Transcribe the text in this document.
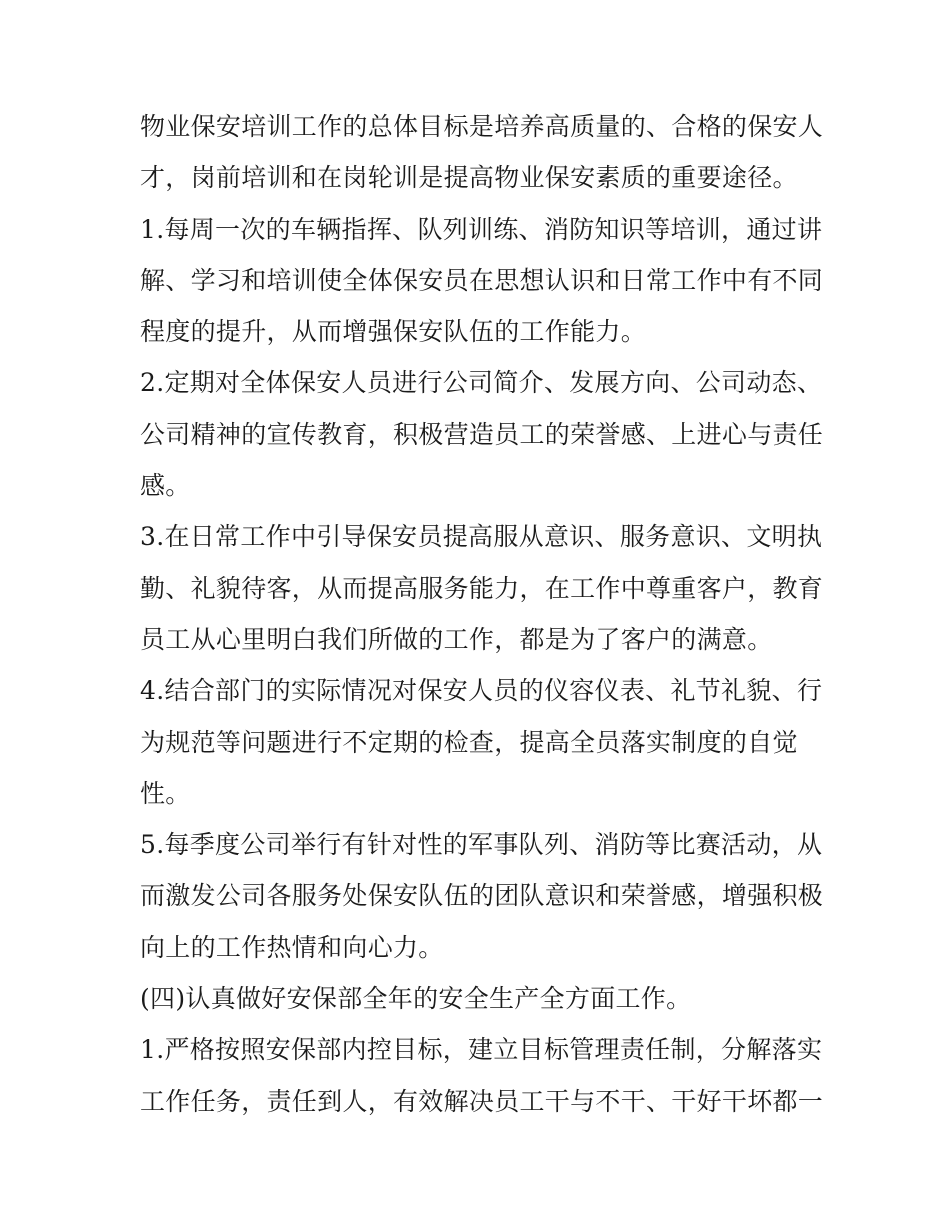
物业保安培训工作的总体目标是培养高质量的、合格的保安人
才，岗前培训和在岗轮训是提高物业保安素质的重要途径。

1.每周一次的车辆指挥、队列训练、消防知识等培训，通过讲
解、学习和培训使全体保安员在思想认识和日常工作中有不同
程度的提升，从而增强保安队伍的工作能力。

2.定期对全体保安人员进行公司简介、发展方向、公司动态、
公司精神的宣传教育，积极营造员工的荣誉感、上进心与责任
感。

3.在日常工作中引导保安员提高服从意识、服务意识、文明执
勤、礼貌待客，从而提高服务能力，在工作中尊重客户，教育
员工从心里明白我们所做的工作，都是为了客户的满意。

4.结合部门的实际情况对保安人员的仪容仪表、礼节礼貌、行
为规范等问题进行不定期的检查，提高全员落实制度的自觉
性。

5.每季度公司举行有针对性的军事队列、消防等比赛活动，从
而激发公司各服务处保安队伍的团队意识和荣誉感，增强积极
向上的工作热情和向心力。

(四)认真做好安保部全年的安全生产全方面工作。

1.严格按照安保部内控目标，建立目标管理责任制，分解落实
工作任务，责任到人，有效解决员工干与不干、干好干坏都一
